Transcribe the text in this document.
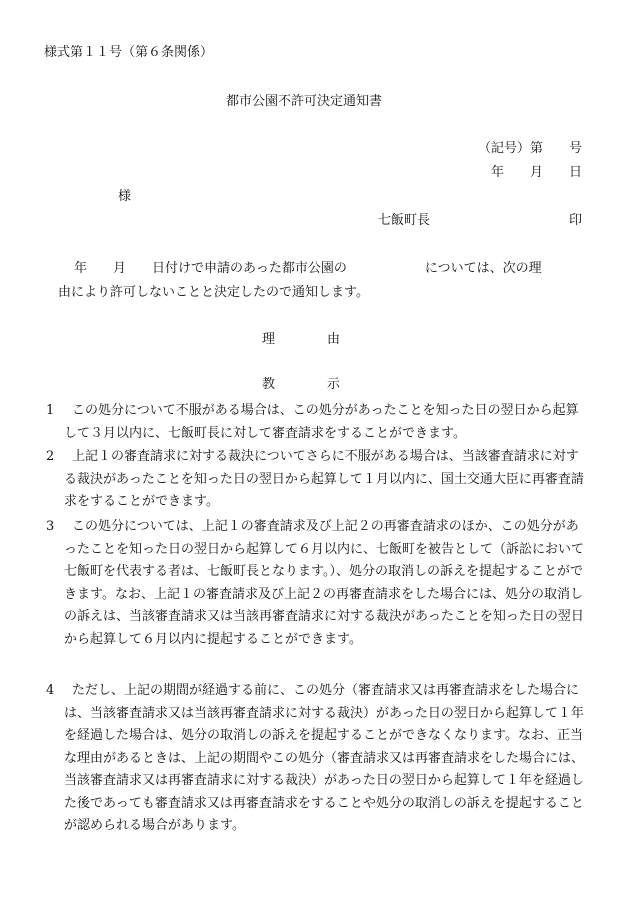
様式第１１号（第６条関係）
都市公園不許可決定通知書
（記号）第　　号
年　　月　　日
様
七飯町長	印
年　　月　　日付けで申請のあった都市公園の　　　　　　については、次の理
由により許可しないことと決定したので通知します。
理　　　　由
教　　　　示
1	この処分について不服がある場合は、この処分があったことを知った日の翌日から起算して３月以内に、七飯町長に対して審査請求をすることができます。
2	上記１の審査請求に対する裁決についてさらに不服がある場合は、当該審査請求に対する裁決があったことを知った日の翌日から起算して１月以内に、国土交通大臣に再審査請求をすることができます。
3	この処分については、上記１の審査請求及び上記２の再審査請求のほか、この処分があったことを知った日の翌日から起算して６月以内に、七飯町を被告として（訴訟において七飯町を代表する者は、七飯町長となります。）、処分の取消しの訴えを提起することができます。なお、上記１の審査請求及び上記２の再審査請求をした場合には、処分の取消しの訴えは、当該審査請求又は当該再審査請求に対する裁決があったことを知った日の翌日から起算して６月以内に提起することができます。
4	ただし、上記の期間が経過する前に、この処分（審査請求又は再審査請求をした場合には、当該審査請求又は当該再審査請求に対する裁決）があった日の翌日から起算して１年を経過した場合は、処分の取消しの訴えを提起することができなくなります。なお、正当な理由があるときは、上記の期間やこの処分（審査請求又は再審査請求をした場合には、当該審査請求又は再審査請求に対する裁決）があった日の翌日から起算して１年を経過した後であっても審査請求又は再審査請求をすることや処分の取消しの訴えを提起することが認められる場合があります。
